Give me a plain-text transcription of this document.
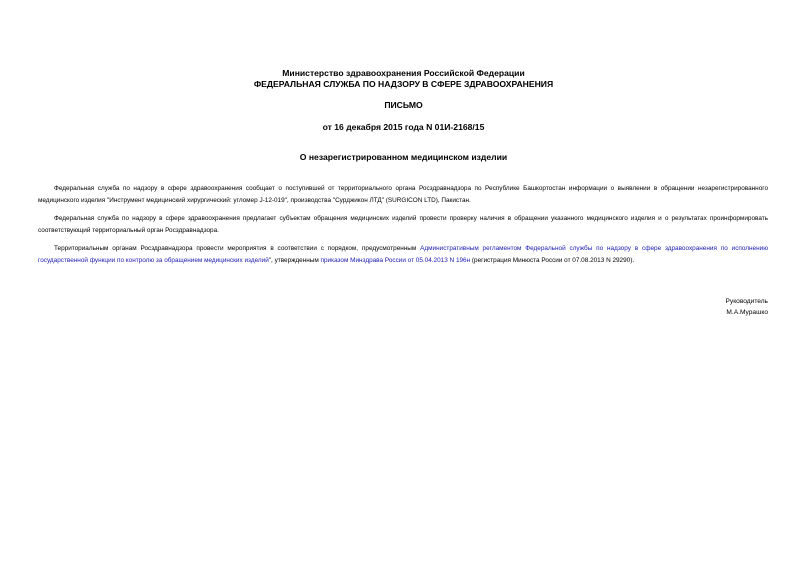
Министерство здравоохранения Российской Федерации

ФЕДЕРАЛЬНАЯ СЛУЖБА ПО НАДЗОРУ В СФЕРЕ ЗДРАВООХРАНЕНИЯ

ПИСЬМО

от 16 декабря 2015 года N 01И-2168/15

О незарегистрированном медицинском изделии

Федеральная служба по надзору в сфере здравоохранения сообщает о поступившей от территориального органа Росздравнадзора по Республике Башкортостан информации о выявлении в обращении незарегистрированного медицинского изделия "Инструмент медицинский хирургический: угломер J-12-019", производства "Сурджикон ЛТД" (SURGICON LTD), Пакистан.

Федеральная служба по надзору в сфере здравоохранения предлагает субъектам обращения медицинских изделий провести проверку наличия в обращении указанного медицинского изделия и о результатах проинформировать соответствующий территориальный орган Росздравнадзора.

Территориальным органам Росздравнадзора провести мероприятия в соответствии с порядком, предусмотренным Административным регламентом Федеральной службы по надзору в сфере здравоохранения по исполнению государственной функции по контролю за обращением медицинских изделий", утвержденным приказом Минздрава России от 05.04.2013 N 196н (регистрация Минюста России от 07.08.2013 N 29290).

Руководитель

М.А.Мурашко
